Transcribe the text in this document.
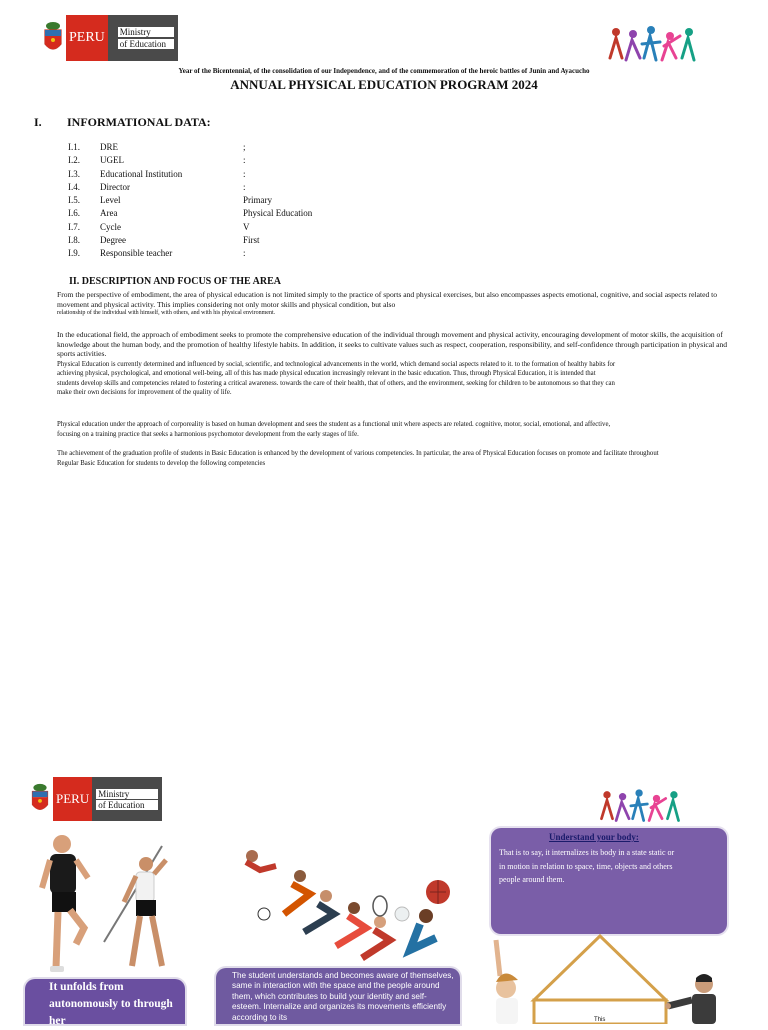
PERU	Ministry
of Education
Year of the Bicentennial, of the consolidation of our Independence, and of the commemoration of the heroic battles of Junin and Ayacucho
ANNUAL PHYSICAL EDUCATION PROGRAM 2024
I. INFORMATIONAL DATA:
I.1.	DRE	;
I.2.	UGEL	:
I.3.	Educational Institution	:
I.4.	Director	:
I.5.	Level	Primary
I.6.	Area	Physical Education
I.7.	Cycle	V
I.8.	Degree	First
I.9.	Responsible teacher	:
II. DESCRIPTION AND FOCUS OF THE AREA
From the perspective of embodiment, the area of physical education is not limited simply to the practice of sports and physical exercises, but also encompasses aspects emotional, cognitive, and social aspects related to movement and physical activity. This implies considering not only motor skills and physical condition, but also
relationship of the individual with himself, with others, and with his physical environment.
In the educational field, the approach of embodiment seeks to promote the comprehensive education of the individual through movement and physical activity, encouraging development of motor skills, the acquisition of knowledge about the human body, and the promotion of healthy lifestyle habits. In addition, it seeks to cultivate values such as respect, cooperation, responsibility, and self-confidence through participation in physical and sports activities.
Physical Education is currently determined and influenced by social, scientific, and technological advancements in the world, which demand social aspects related to it. to the formation of healthy habits for achieving physical, psychological, and emotional well-being, all of this has made physical education increasingly relevant in the basic education. Thus, through Physical Education, it is intended that students develop skills and competencies related to fostering a critical awareness. towards the care of their health, that of others, and the environment, seeking for children to be autonomous so that they can make their own decisions for improvement of the quality of life.
Physical education under the approach of corporeality is based on human development and sees the student as a functional unit where aspects are related. cognitive, motor, social, emotional, and affective, focusing on a training practice that seeks a harmonious psychomotor development from the early stages of life.
The achievement of the graduation profile of students in Basic Education is enhanced by the development of various competencies. In particular, the area of Physical Education focuses on promote and facilitate throughout Regular Basic Education for students to develop the following competencies
PERU	Ministry
of Education
Understand your body:
That is to say, it internalizes its body in a state static or in motion in relation to space, time, objects and others people around them.
It unfolds from autonomously to through her
The student understands and becomes aware of themselves, same in interaction with the space and the people around them, which contributes to build your identity and self-esteem. Internalize and organizes its movements efficiently according to its	This
